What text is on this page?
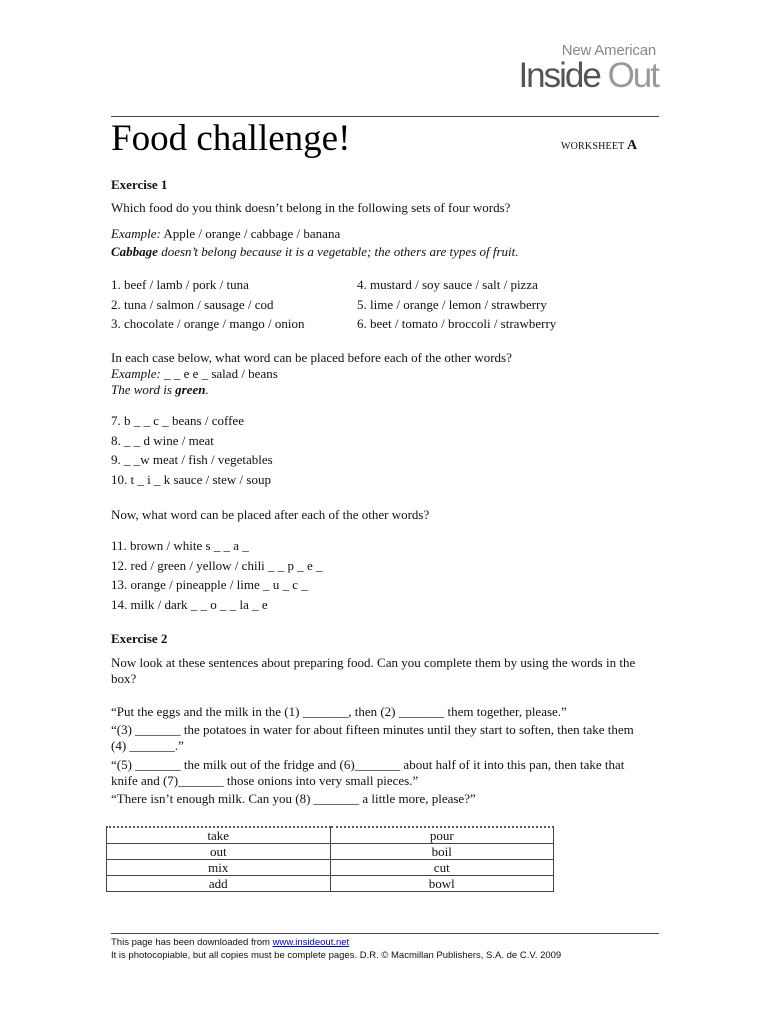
New American
Inside Out
Food challenge!	WORKSHEET A
Exercise 1
Which food do you think doesn’t belong in the following sets of four words?
Example: Apple / orange / cabbage / banana
Cabbage doesn’t belong because it is a vegetable; the others are types of fruit.
1. beef / lamb / pork / tuna
2. tuna / salmon / sausage / cod
3. chocolate / orange / mango / onion
4. mustard / soy sauce / salt / pizza
5. lime / orange / lemon / strawberry
6. beet / tomato / broccoli / strawberry
In each case below, what word can be placed before each of the other words?
Example: _ _ e e _ salad / beans
The word is green.
7. b _ _ c _ beans / coffee
8. _ _ d wine / meat
9. _ _w meat / fish / vegetables
10. t _ i _ k sauce / stew / soup
Now, what word can be placed after each of the other words?
11. brown / white s _ _ a _
12. red / green / yellow / chili _ _ p _ e _
13. orange / pineapple / lime _ u _ c _
14. milk / dark _ _ o _ _ la _ e
Exercise 2
Now look at these sentences about preparing food. Can you complete them by using the words in the
box?
“Put the eggs and the milk in the (1) _______, then (2) _______ them together, please.”
“(3) _______ the potatoes in water for about fifteen minutes until they start to soften, then take them
(4) _______.”
“(5) _______ the milk out of the fridge and (6)_______ about half of it into this pan, then take that
knife and (7)_______ those onions into very small pieces.”
“There isn’t enough milk. Can you (8) _______ a little more, please?”
take	pour
out	boil
mix	cut
add	bowl
This page has been downloaded from www.insideout.net
It is photocopiable, but all copies must be complete pages. D.R. © Macmillan Publishers, S.A. de C.V. 2009
